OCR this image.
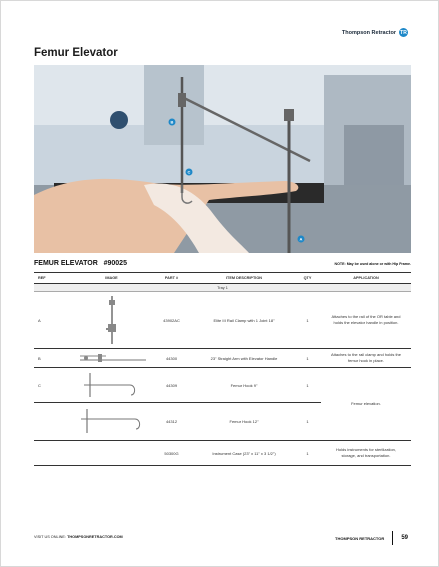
Thompson Retractor TR
Femur Elevator
B
C
A
FEMUR ELEVATOR   #90025	NOTE: May be used alone or with Hip Frame.
REF	IMAGE	PART #	ITEM DESCRIPTION	QTY	APPLICATION
Tray 1					
A		43902AC	Elite III Rail Clamp with 1 Joint 18"	1	Attaches to the rail of the OR table and holds the elevator handle in position.
B		44300	23" Straight Arm with Elevator Handle	1	Attaches to the rail clamp and holds the femur hook in place.
C		44309	Femur Hook 9"	1	Femur elevation.
		44312	Femur Hook 12"	1	
		50300G	Instrument Case (23" x 11" x 3 1/2")	1	Holds instruments for sterilization, storage, and transportation.
VISIT US ONLINE: THOMPSONRETRACTOR.COM	THOMPSON RETRACTOR	59
